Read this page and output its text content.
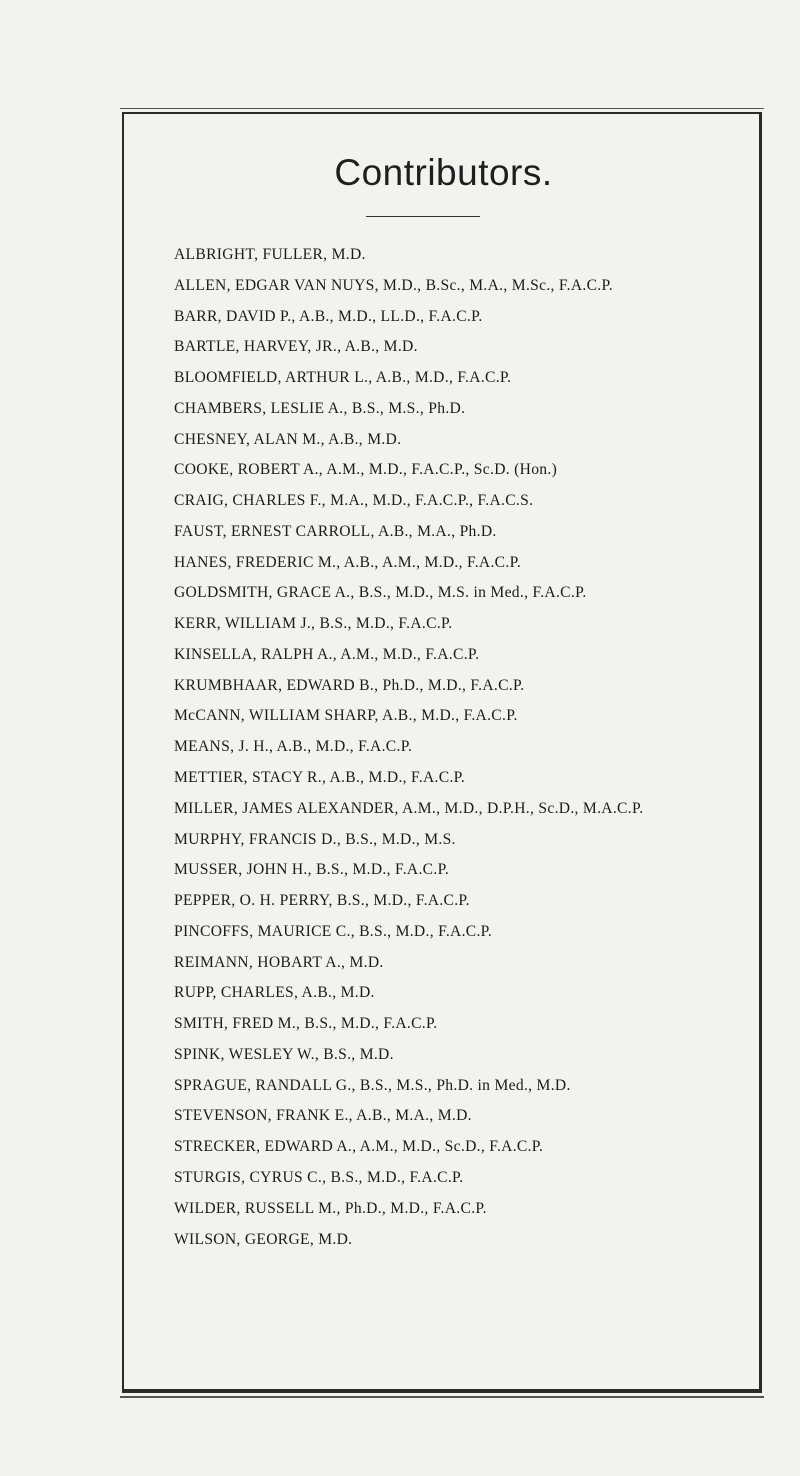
Contributors.
ALBRIGHT, FULLER, M.D.
ALLEN, EDGAR VAN NUYS, M.D., B.Sc., M.A., M.Sc., F.A.C.P.
BARR, DAVID P., A.B., M.D., LL.D., F.A.C.P.
BARTLE, HARVEY, JR., A.B., M.D.
BLOOMFIELD, ARTHUR L., A.B., M.D., F.A.C.P.
CHAMBERS, LESLIE A., B.S., M.S., Ph.D.
CHESNEY, ALAN M., A.B., M.D.
COOKE, ROBERT A., A.M., M.D., F.A.C.P., Sc.D. (Hon.)
CRAIG, CHARLES F., M.A., M.D., F.A.C.P., F.A.C.S.
FAUST, ERNEST CARROLL, A.B., M.A., Ph.D.
HANES, FREDERIC M., A.B., A.M., M.D., F.A.C.P.
GOLDSMITH, GRACE A., B.S., M.D., M.S. in Med., F.A.C.P.
KERR, WILLIAM J., B.S., M.D., F.A.C.P.
KINSELLA, RALPH A., A.M., M.D., F.A.C.P.
KRUMBHAAR, EDWARD B., Ph.D., M.D., F.A.C.P.
McCANN, WILLIAM SHARP, A.B., M.D., F.A.C.P.
MEANS, J. H., A.B., M.D., F.A.C.P.
METTIER, STACY R., A.B., M.D., F.A.C.P.
MILLER, JAMES ALEXANDER, A.M., M.D., D.P.H., Sc.D., M.A.C.P.
MURPHY, FRANCIS D., B.S., M.D., M.S.
MUSSER, JOHN H., B.S., M.D., F.A.C.P.
PEPPER, O. H. PERRY, B.S., M.D., F.A.C.P.
PINCOFFS, MAURICE C., B.S., M.D., F.A.C.P.
REIMANN, HOBART A., M.D.
RUPP, CHARLES, A.B., M.D.
SMITH, FRED M., B.S., M.D., F.A.C.P.
SPINK, WESLEY W., B.S., M.D.
SPRAGUE, RANDALL G., B.S., M.S., Ph.D. in Med., M.D.
STEVENSON, FRANK E., A.B., M.A., M.D.
STRECKER, EDWARD A., A.M., M.D., Sc.D., F.A.C.P.
STURGIS, CYRUS C., B.S., M.D., F.A.C.P.
WILDER, RUSSELL M., Ph.D., M.D., F.A.C.P.
WILSON, GEORGE, M.D.
